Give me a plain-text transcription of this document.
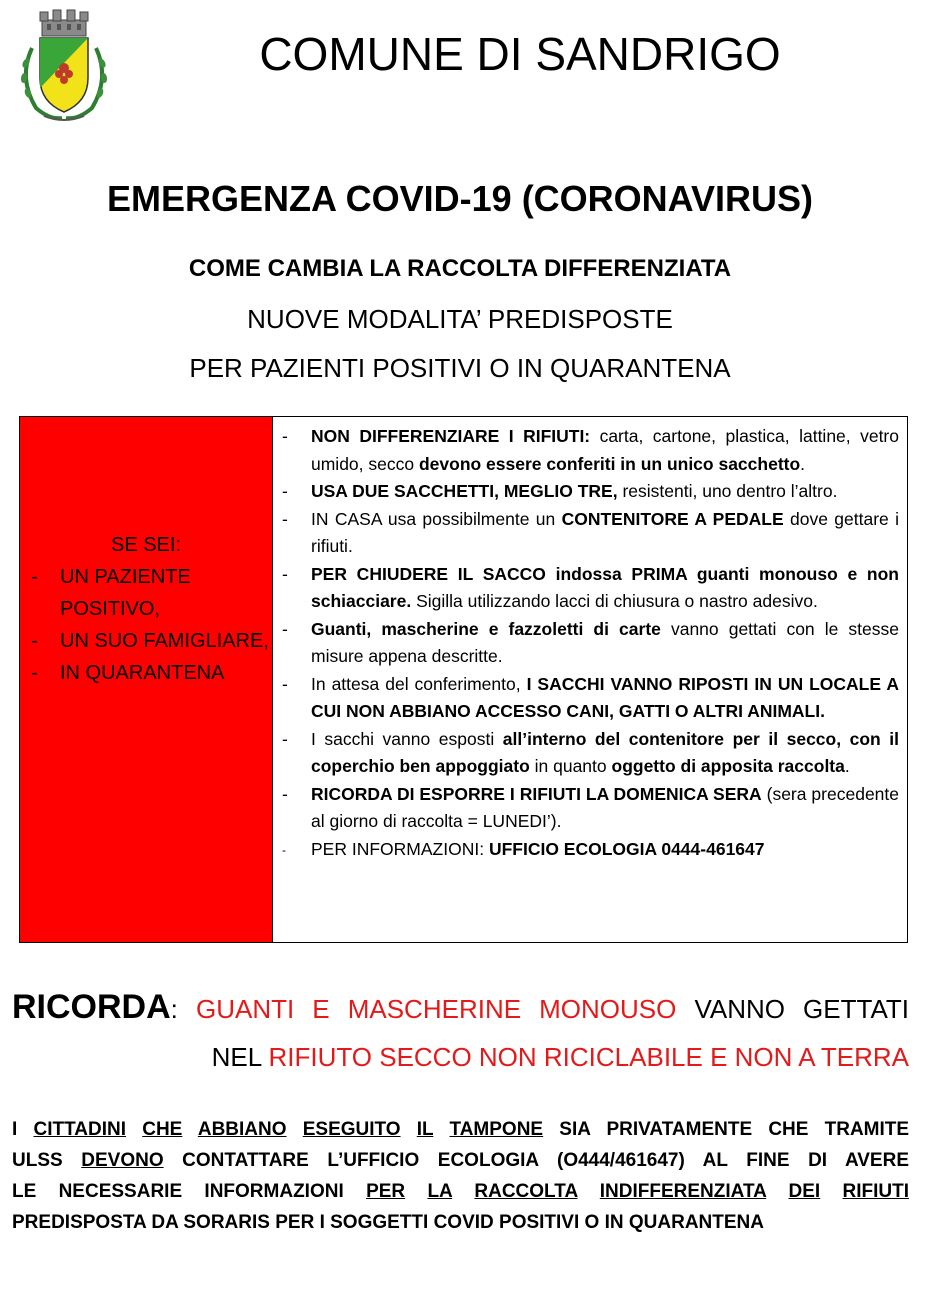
COMUNE DI SANDRIGO
EMERGENZA COVID-19 (CORONAVIRUS)
COME CAMBIA LA RACCOLTA DIFFERENZIATA
NUOVE MODALITA’ PREDISPOSTE
PER PAZIENTI POSITIVI O IN QUARANTENA
SE SEI:
- UN PAZIENTE POSITIVO,
- UN SUO FAMIGLIARE,
- IN QUARANTENA
- NON DIFFERENZIARE I RIFIUTI: carta, cartone, plastica, lattine, vetro umido, secco devono essere conferiti in un unico sacchetto.
- USA DUE SACCHETTI, MEGLIO TRE, resistenti, uno dentro l’altro.
- IN CASA usa possibilmente un CONTENITORE A PEDALE dove gettare i rifiuti.
- PER CHIUDERE IL SACCO indossa PRIMA guanti monouso e non schiacciare. Sigilla utilizzando lacci di chiusura o nastro adesivo.
- Guanti, mascherine e fazzoletti di carte vanno gettati con le stesse misure appena descritte.
- In attesa del conferimento, I SACCHI VANNO RIPOSTI IN UN LOCALE A CUI NON ABBIANO ACCESSO CANI, GATTI O ALTRI ANIMALI.
- I sacchi vanno esposti all’interno del contenitore per il secco, con il coperchio ben appoggiato in quanto oggetto di apposita raccolta.
- RICORDA DI ESPORRE I RIFIUTI LA DOMENICA SERA (sera precedente al giorno di raccolta = LUNEDI’).
- PER INFORMAZIONI: UFFICIO ECOLOGIA 0444-461647
RICORDA: GUANTI E MASCHERINE MONOUSO VANNO GETTATI
NEL RIFIUTO SECCO NON RICICLABILE E NON A TERRA
I CITTADINI CHE ABBIANO ESEGUITO IL TAMPONE SIA PRIVATAMENTE CHE TRAMITE
ULSS DEVONO CONTATTARE L’UFFICIO ECOLOGIA (O444/461647) AL FINE DI AVERE
LE NECESSARIE INFORMAZIONI PER LA RACCOLTA INDIFFERENZIATA DEI RIFIUTI
PREDISPOSTA DA SORARIS PER I SOGGETTI COVID POSITIVI O IN QUARANTENA
